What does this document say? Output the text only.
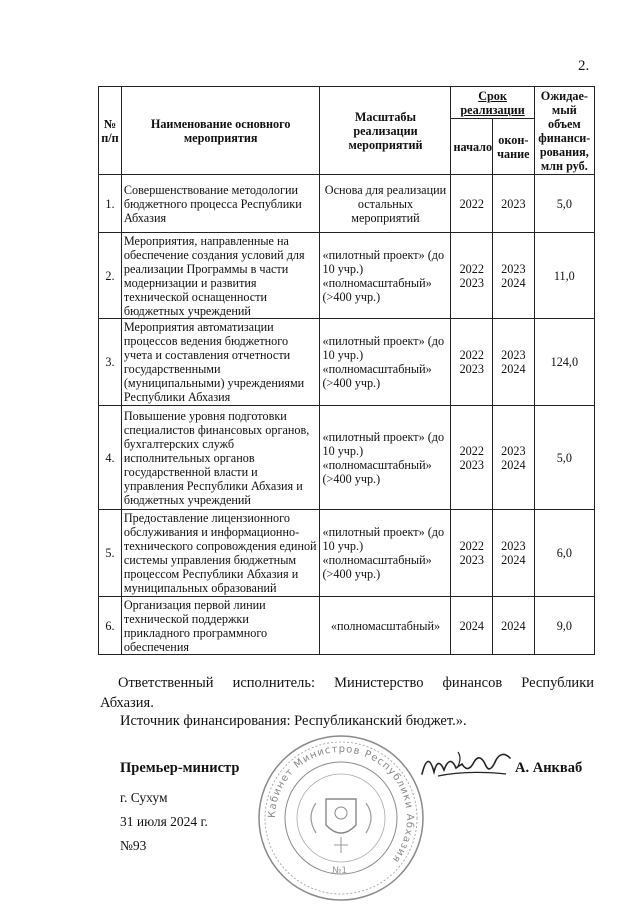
2.
№ п/п	Наименование основного мероприятия	Масштабы реализации мероприятий	Срок реализации		Ожидае-мый объем финанси-рования, млн руб.
			начало	окон-чание	
1.	Совершенствование методологии бюджетного процесса Республики Абхазия	Основа для реализации остальных мероприятий	2022	2023	5,0
2.	Мероприятия, направленные на обеспечение создания условий для реализации Программы в части модернизации и развития технической оснащенности бюджетных учреждений	«пилотный проект» (до 10 учр.) «полномасштабный» (>400 учр.)	2022 2023	2023 2024	11,0
3.	Мероприятия автоматизации процессов ведения бюджетного учета и составления отчетности государственными (муниципальными) учреждениями Республики Абхазия	«пилотный проект» (до 10 учр.) «полномасштабный» (>400 учр.)	2022 2023	2023 2024	124,0
4.	Повышение уровня подготовки специалистов финансовых органов, бухгалтерских служб исполнительных органов государственной власти и управления Республики Абхазия и бюджетных учреждений	«пилотный проект» (до 10 учр.) «полномасштабный» (>400 учр.)	2022 2023	2023 2024	5,0
5.	Предоставление лицензионного обслуживания и информационно-технического сопровождения единой системы управления бюджетным процессом Республики Абхазия и муниципальных образований	«пилотный проект» (до 10 учр.) «полномасштабный» (>400 учр.)	2022 2023	2023 2024	6,0
6.	Организация первой линии технической поддержки прикладного программного обеспечения	«полномасштабный»	2024	2024	9,0
Ответственный исполнитель: Министерство финансов Республики
Абхазия.
Источник финансирования: Республиканский бюджет.».
Кабинет Министров Республики Абхазия
№1
Премьер-министр	А. Анкваб
г. Сухум
31 июля 2024 г.
№93
